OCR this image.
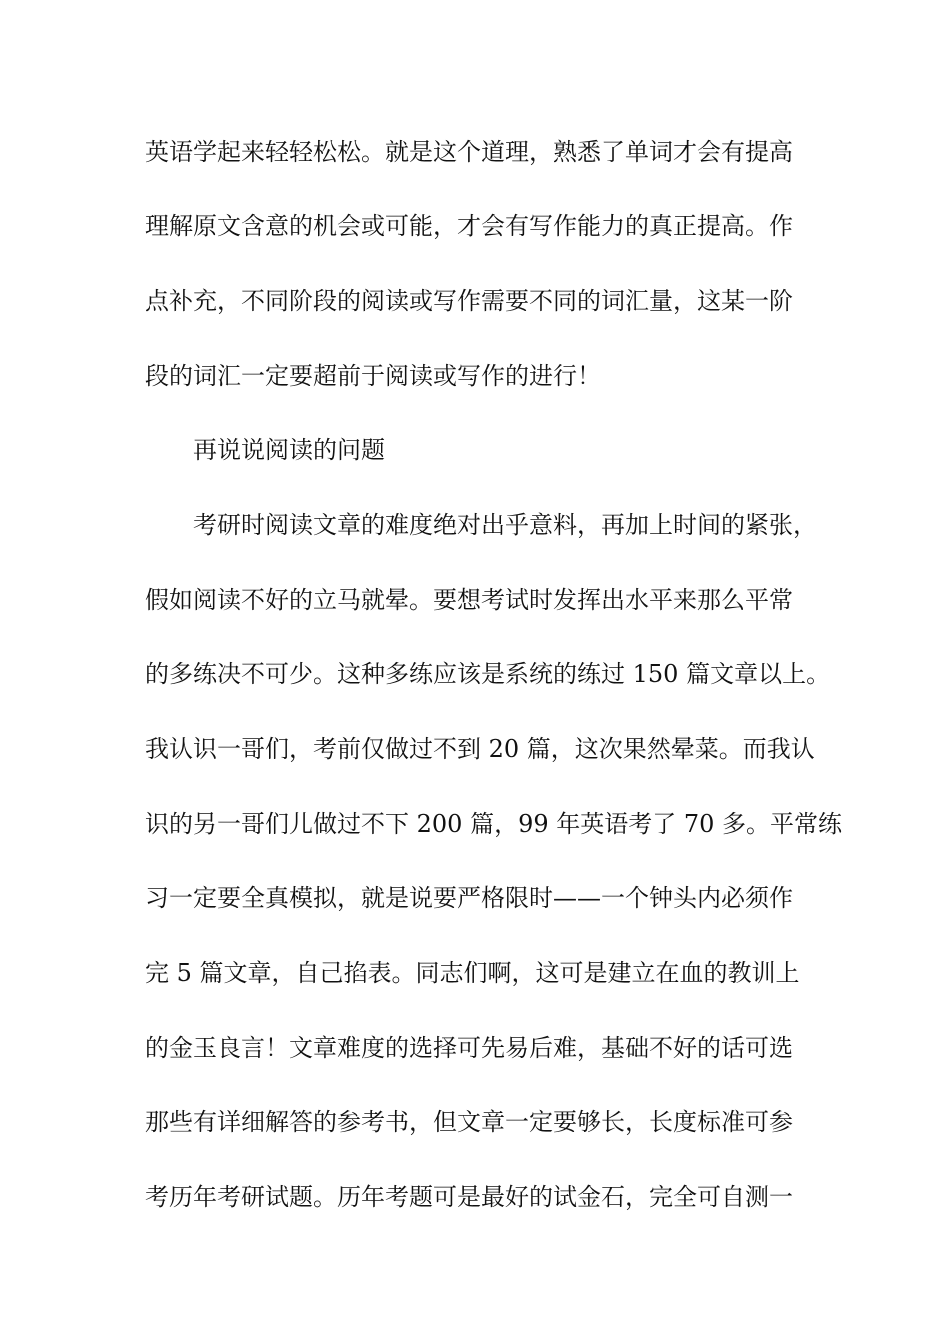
英语学起来轻轻松松。就是这个道理，熟悉了单词才会有提高

理解原文含意的机会或可能，才会有写作能力的真正提高。作

点补充，不同阶段的阅读或写作需要不同的词汇量，这某一阶

段的词汇一定要超前于阅读或写作的进行！

再说说阅读的问题

考研时阅读文章的难度绝对出乎意料，再加上时间的紧张，

假如阅读不好的立马就晕。要想考试时发挥出水平来那么平常

的多练决不可少。这种多练应该是系统的练过 150 篇文章以上。

我认识一哥们，考前仅做过不到 20 篇，这次果然晕菜。而我认

识的另一哥们儿做过不下 200 篇，99 年英语考了 70 多。平常练

习一定要全真模拟，就是说要严格限时——一个钟头内必须作

完 5 篇文章，自己掐表。同志们啊，这可是建立在血的教训上

的金玉良言！文章难度的选择可先易后难，基础不好的话可选

那些有详细解答的参考书，但文章一定要够长，长度标准可参

考历年考研试题。历年考题可是最好的试金石，完全可自测一
